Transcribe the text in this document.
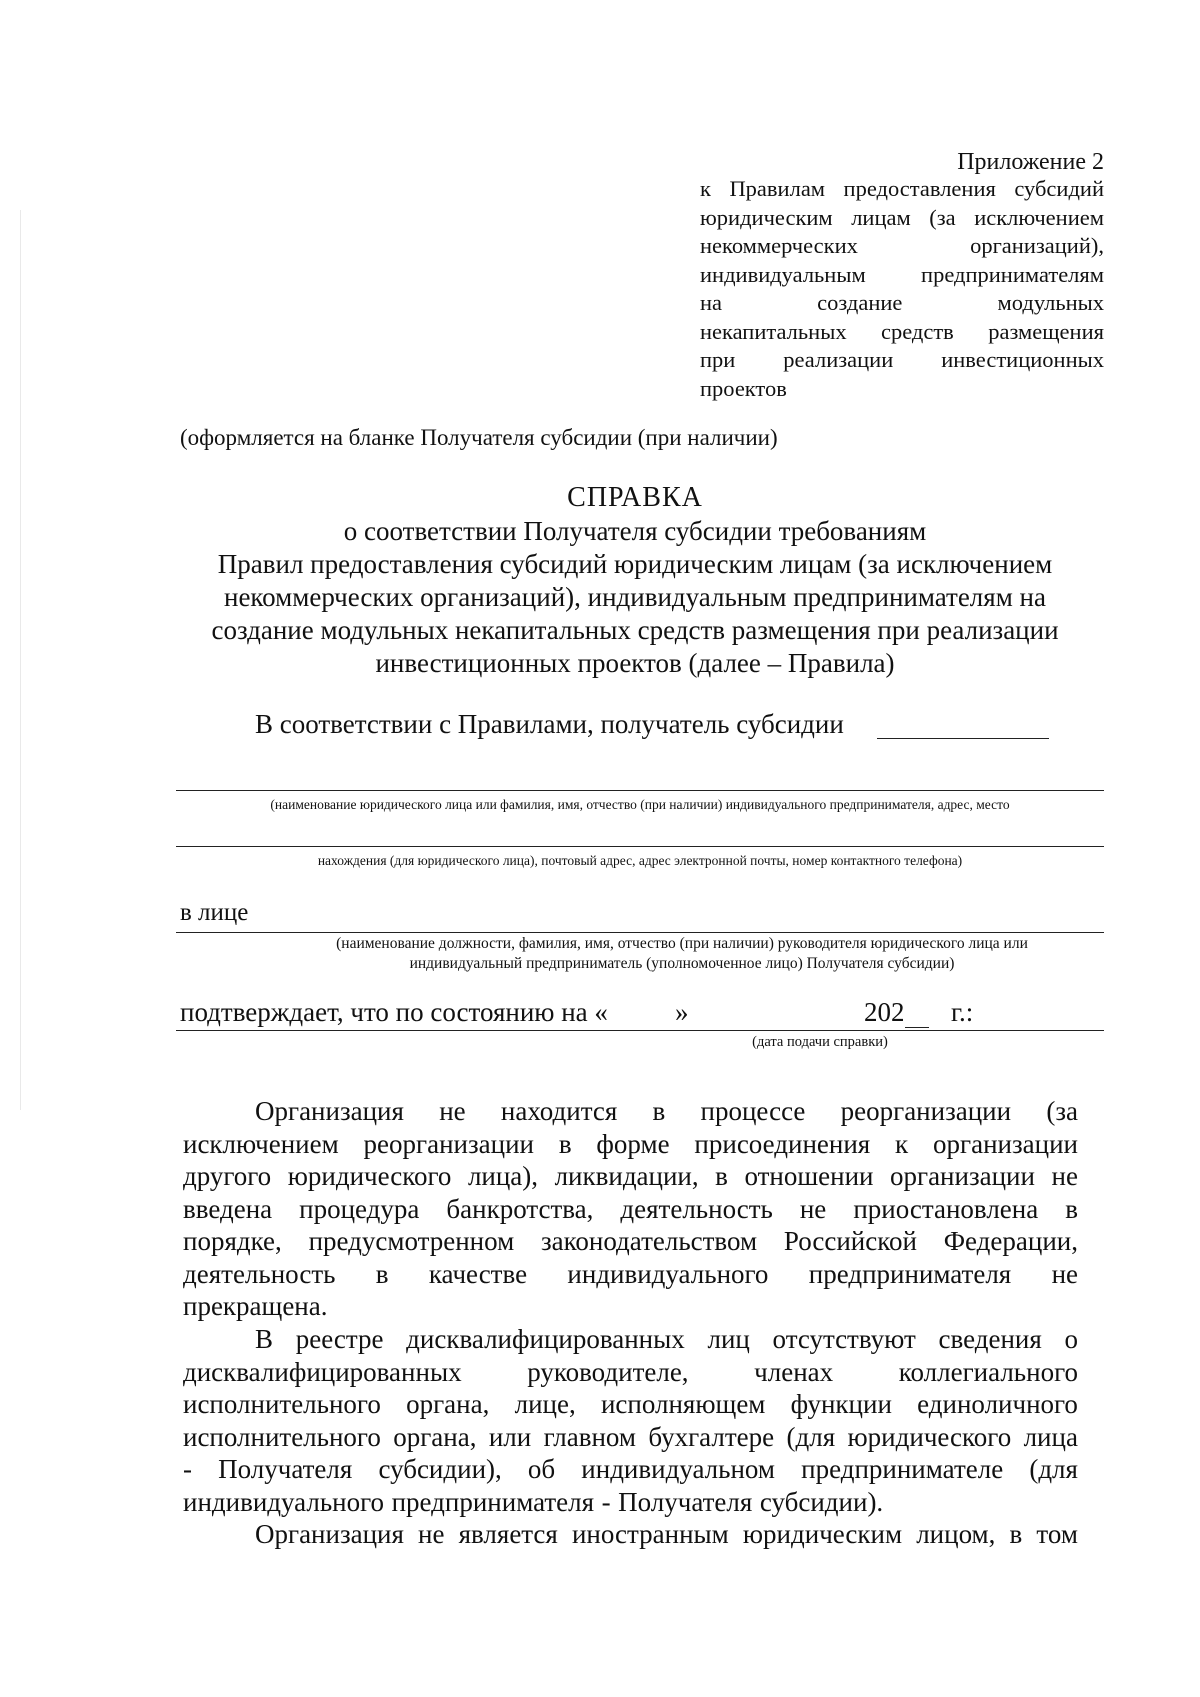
Приложение 2
к Правилам предоставления субсидий
юридическим лицам (за исключением
некоммерческих	организаций),
индивидуальным предпринимателям
на	создание	модульных
некапитальных средств размещения
при реализации инвестиционных
проектов
(оформляется на бланке Получателя субсидии (при наличии)
СПРАВКА
о соответствии Получателя субсидии требованиям
Правил предоставления субсидий юридическим лицам (за исключением
некоммерческих организаций), индивидуальным предпринимателям на
создание модульных некапитальных средств размещения при реализации
инвестиционных проектов (далее – Правила)
В соответствии с Правилами, получатель субсидии
(наименование юридического лица или фамилия, имя, отчество (при наличии) индивидуального предпринимателя, адрес, место
нахождения (для юридического лица), почтовый адрес, адрес электронной почты, номер контактного телефона)
в лице
(наименование должности, фамилия, имя, отчество (при наличии) руководителя юридического лица или
индивидуальный предприниматель (уполномоченное лицо) Получателя субсидии)
подтверждает, что по состоянию на « »	202 г.:
(дата подачи справки)
Организация не находится в процессе реорганизации (за
исключением реорганизации в форме присоединения к организации
другого юридического лица), ликвидации, в отношении организации не
введена процедура банкротства, деятельность не приостановлена в
порядке, предусмотренном законодательством Российской Федерации,
деятельность в качестве индивидуального предпринимателя не
прекращена.
В реестре дисквалифицированных лиц отсутствуют сведения о
дисквалифицированных руководителе, членах коллегиального
исполнительного органа, лице, исполняющем функции единоличного
исполнительного органа, или главном бухгалтере (для юридического лица
- Получателя субсидии), об индивидуальном предпринимателе (для
индивидуального предпринимателя - Получателя субсидии).
Организация не является иностранным юридическим лицом, в том
